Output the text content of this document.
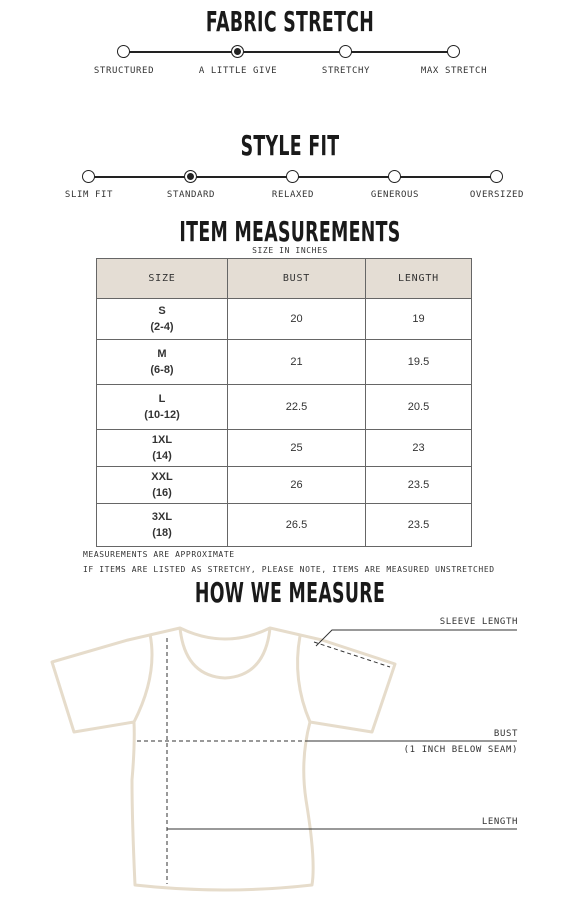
FABRIC STRETCH
STRUCTURED	A LITTLE GIVE	STRETCHY	MAX STRETCH
STYLE FIT
SLIM FIT	STANDARD	RELAXED	GENEROUS	OVERSIZED
ITEM MEASUREMENTS
SIZE IN INCHES
SIZE	BUST	LENGTH

S
(2-4)	20	19

M
(6-8)	21	19.5

L
(10-12)	22.5	20.5

1XL
(14)	25	23

XXL
(16)	26	23.5

3XL
(18)	26.5	23.5
MEASUREMENTS ARE APPROXIMATE
IF ITEMS ARE LISTED AS STRETCHY, PLEASE NOTE, ITEMS ARE MEASURED UNSTRETCHED
HOW WE MEASURE
SLEEVE LENGTH
BUST
(1 INCH BELOW SEAM)
LENGTH
